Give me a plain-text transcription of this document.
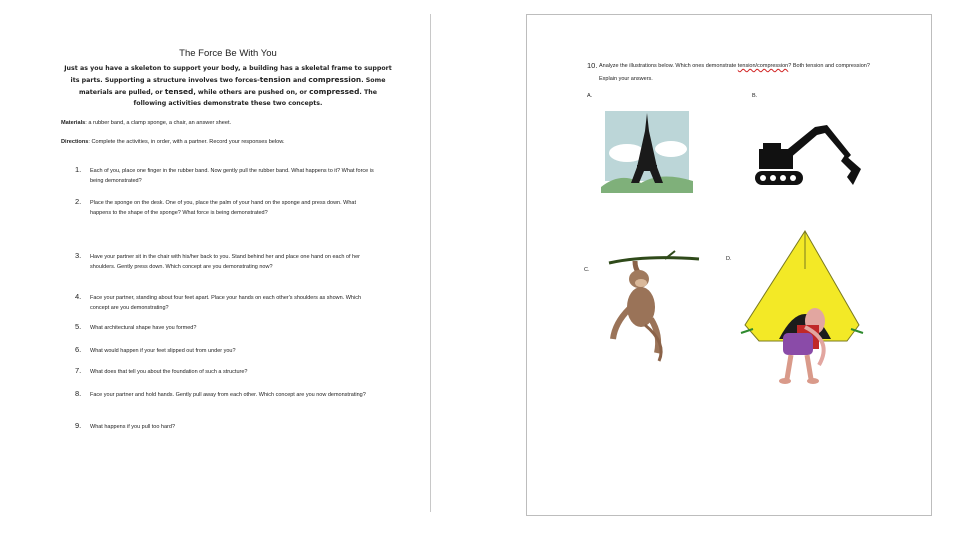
The Force Be With You

Just as you have a skeleton to support your body, a building has a skeletal frame to support its parts. Supporting a structure involves two forces-tension and compression. Some materials are pulled, or tensed, while others are pushed on, or compressed. The following activities demonstrate these two concepts.

Materials: a rubber band, a clamp sponge, a chair, an answer sheet.

Directions: Complete the activities, in order, with a partner. Record your responses below.

1. Each of you, place one finger in the rubber band. Now gently pull the rubber band. What happens to it? What force is being demonstrated?
2. Place the sponge on the desk. One of you, place the palm of your hand on the sponge and press down. What happens to the shape of the sponge? What force is being demonstrated?
3. Have your partner sit in the chair with his/her back to you. Stand behind her and place one hand on each of her shoulders. Gently press down. Which concept are you demonstrating now?
4. Face your partner, standing about four feet apart. Place your hands on each other's shoulders as shown. Which concept are you demonstrating?
5. What architectural shape have you formed?
6. What would happen if your feet slipped out from under you?
7. What does that tell you about the foundation of such a structure?
8. Face your partner and hold hands. Gently pull away from each other. Which concept are you now demonstrating?
9. What happens if you pull too hard?
10. Analyze the illustrations below. Which ones demonstrate tension/compression? Both tension and compression? Explain your answers.
A.	B.
C.
D.
